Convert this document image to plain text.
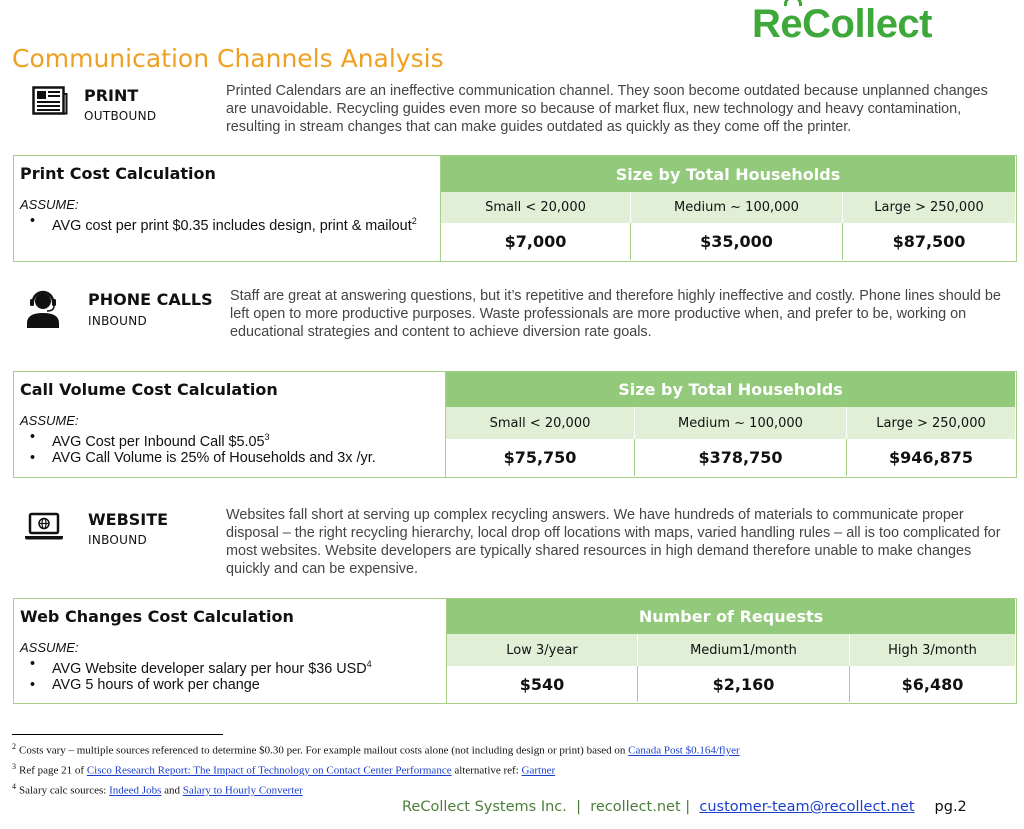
ReCollect
Communication Channels Analysis
PRINT
OUTBOUND
Printed Calendars are an ineffective communication channel. They soon become outdated because unplanned changes are unavoidable. Recycling guides even more so because of market flux, new technology and heavy contamination, resulting in stream changes that can make guides outdated as quickly as they come off the printer.
Print Cost Calculation
ASSUME:
• AVG cost per print $0.35 includes design, print & mailout$^2$
Size by Total Households
Small < 20,000	Medium ~ 100,000	Large > 250,000
$7,000	$35,000	$87,500
PHONE CALLS
INBOUND
Staff are great at answering questions, but it’s repetitive and therefore highly ineffective and costly. Phone lines should be left open to more productive purposes. Waste professionals are more productive when, and prefer to be, working on educational strategies and content to achieve diversion rate goals.
Call Volume Cost Calculation
ASSUME:
• AVG Cost per Inbound Call $5.05$^3$
• AVG Call Volume is 25% of Households and 3x /yr.
Size by Total Households
Small < 20,000	Medium ~ 100,000	Large > 250,000
$75,750	$378,750	$946,875
WEBSITE
INBOUND
Websites fall short at serving up complex recycling answers. We have hundreds of materials to communicate proper disposal – the right recycling hierarchy, local drop off locations with maps, varied handling rules – all is too complicated for most websites. Website developers are typically shared resources in high demand therefore unable to make changes quickly and can be expensive.
Web Changes Cost Calculation
ASSUME:
• AVG Website developer salary per hour $36 USD$^4$
• AVG 5 hours of work per change
Number of Requests
Low 3/year	Medium1/month	High 3/month
$540	$2,160	$6,480
$^2$ Costs vary – multiple sources referenced to determine $0.30 per. For example mailout costs alone (not including design or print) based on Canada Post $0.164/flyer
$^3$ Ref page 21 of Cisco Research Report: The Impact of Technology on Contact Center Performance alternative ref: Gartner
$^4$ Salary calc sources: Indeed Jobs and Salary to Hourly Converter
ReCollect Systems Inc.  |  recollect.net |  customer-team@recollect.net pg.2
